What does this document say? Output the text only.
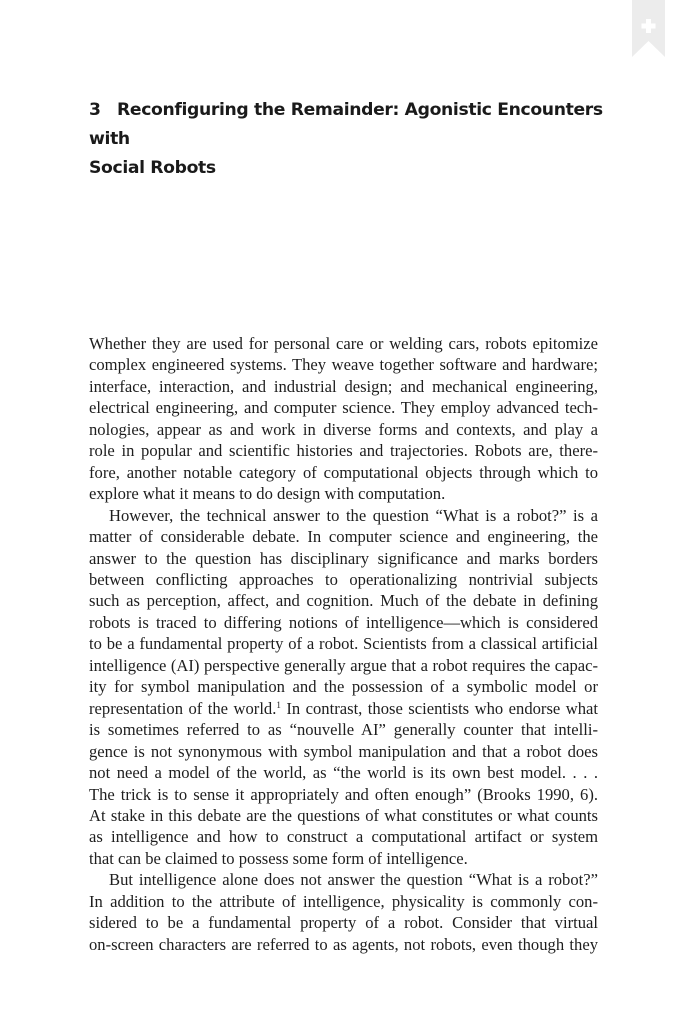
3 Reconfiguring the Remainder: Agonistic Encounters with
Social Robots

Whether they are used for personal care or welding cars, robots epitomize
complex engineered systems. They weave together software and hardware;
interface, interaction, and industrial design; and mechanical engineering,
electrical engineering, and computer science. They employ advanced tech-
nologies, appear as and work in diverse forms and contexts, and play a
role in popular and scientific histories and trajectories. Robots are, there-
fore, another notable category of computational objects through which to
explore what it means to do design with computation.

However, the technical answer to the question “What is a robot?” is a
matter of considerable debate. In computer science and engineering, the
answer to the question has disciplinary significance and marks borders
between conflicting approaches to operationalizing nontrivial subjects
such as perception, affect, and cognition. Much of the debate in defining
robots is traced to differing notions of intelligence—which is considered
to be a fundamental property of a robot. Scientists from a classical artificial
intelligence (AI) perspective generally argue that a robot requires the capac-
ity for symbol manipulation and the possession of a symbolic model or
representation of the world.$^1$ In contrast, those scientists who endorse what
is sometimes referred to as “nouvelle AI” generally counter that intelli-
gence is not synonymous with symbol manipulation and that a robot does
not need a model of the world, as “the world is its own best model. . . .
The trick is to sense it appropriately and often enough” (Brooks 1990, 6).
At stake in this debate are the questions of what constitutes or what counts
as intelligence and how to construct a computational artifact or system
that can be claimed to possess some form of intelligence.

But intelligence alone does not answer the question “What is a robot?”
In addition to the attribute of intelligence, physicality is commonly con-
sidered to be a fundamental property of a robot. Consider that virtual
on-screen characters are referred to as agents, not robots, even though they
